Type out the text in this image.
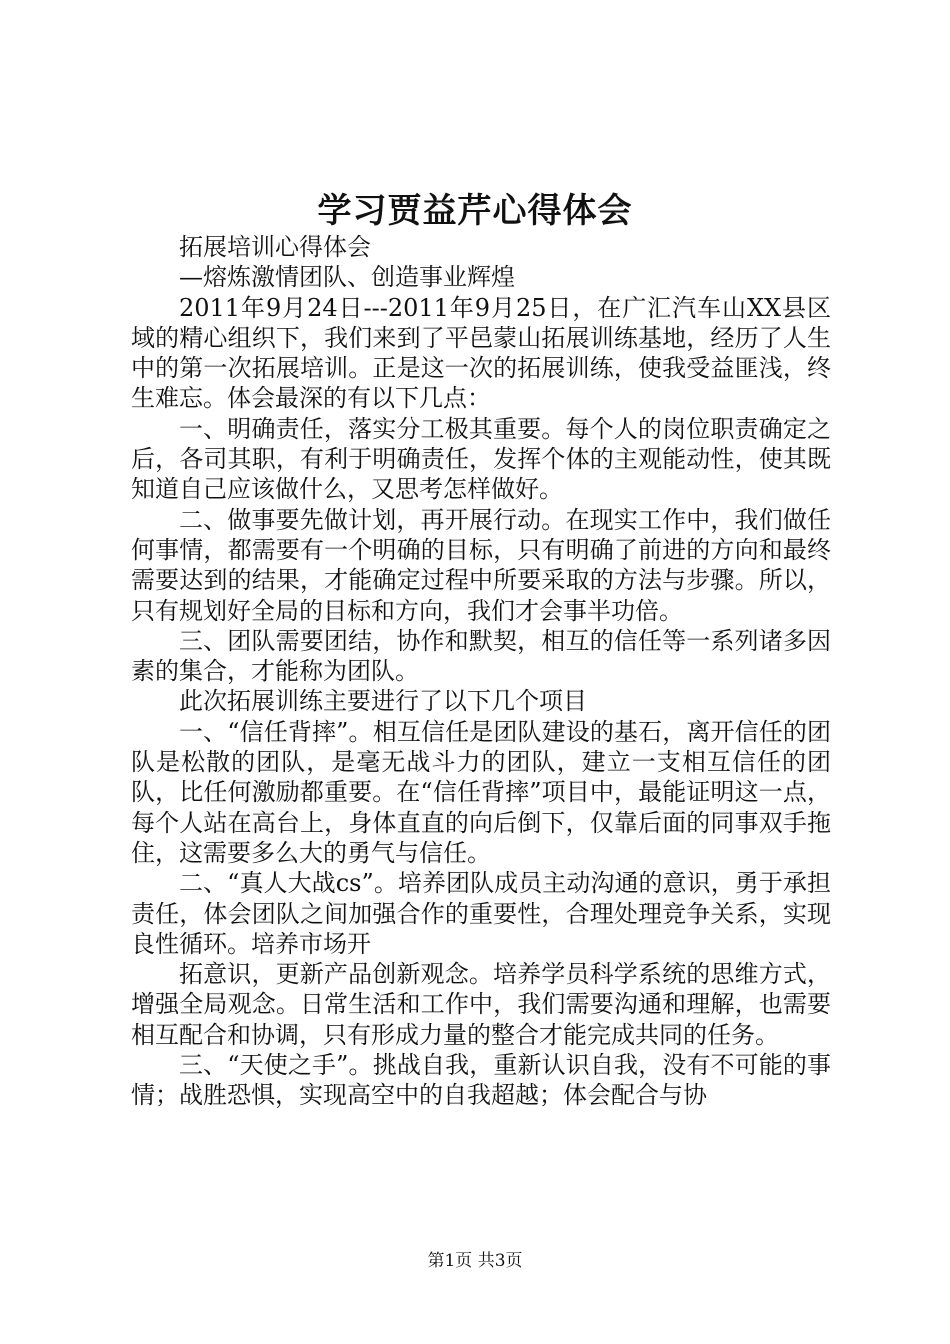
学习贾益芹心得体会

拓展培训心得体会

—熔炼激情团队、创造事业辉煌

2011年9月24日---2011年9月25日，在广汇汽车山XX县区域的精心组织下，我们来到了平邑蒙山拓展训练基地，经历了人生中的第一次拓展培训。正是这一次的拓展训练，使我受益匪浅，终生难忘。体会最深的有以下几点：

一、明确责任，落实分工极其重要。每个人的岗位职责确定之后，各司其职，有利于明确责任，发挥个体的主观能动性，使其既知道自己应该做什么，又思考怎样做好。

二、做事要先做计划，再开展行动。在现实工作中，我们做任何事情，都需要有一个明确的目标，只有明确了前进的方向和最终需要达到的结果，才能确定过程中所要采取的方法与步骤。所以，只有规划好全局的目标和方向，我们才会事半功倍。

三、团队需要团结，协作和默契，相互的信任等一系列诸多因素的集合，才能称为团队。

此次拓展训练主要进行了以下几个项目

一、“信任背摔”。相互信任是团队建设的基石，离开信任的团队是松散的团队，是毫无战斗力的团队，建立一支相互信任的团队，比任何激励都重要。在“信任背摔”项目中，最能证明这一点，每个人站在高台上，身体直直的向后倒下，仅靠后面的同事双手拖住，这需要多么大的勇气与信任。

二、“真人大战cs”。培养团队成员主动沟通的意识，勇于承担责任，体会团队之间加强合作的重要性，合理处理竞争关系，实现良性循环。培养市场开

拓意识，更新产品创新观念。培养学员科学系统的思维方式，增强全局观念。日常生活和工作中，我们需要沟通和理解，也需要相互配合和协调，只有形成力量的整合才能完成共同的任务。

三、“天使之手”。挑战自我，重新认识自我，没有不可能的事情；战胜恐惧，实现高空中的自我超越；体会配合与协

第1页 共3页
